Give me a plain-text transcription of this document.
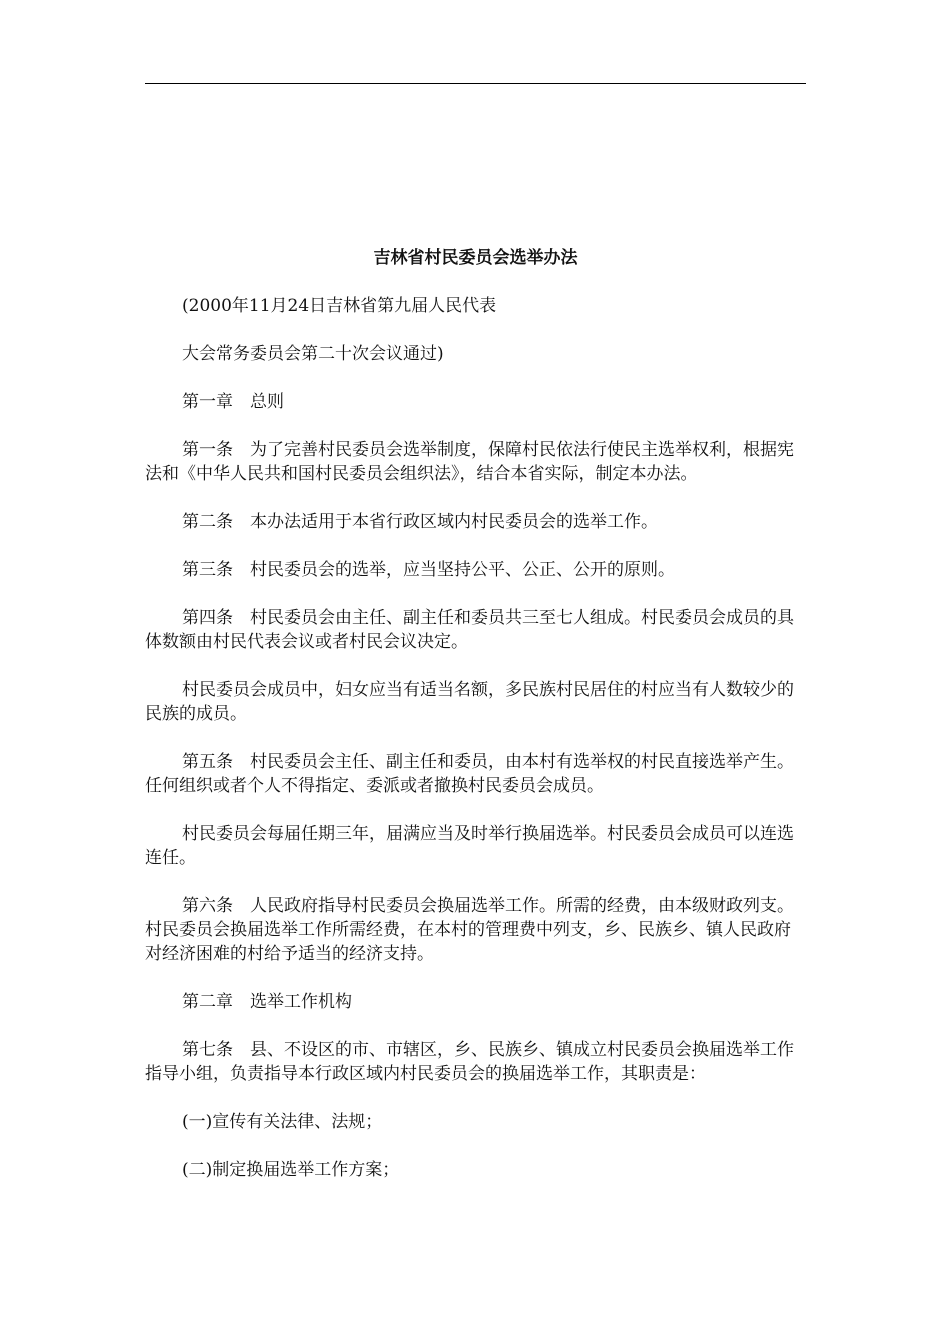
吉林省村民委员会选举办法

(2000年11月24日吉林省第九届人民代表

大会常务委员会第二十次会议通过)

第一章　总则

第一条　为了完善村民委员会选举制度，保障村民依法行使民主选举权利，根据宪法和《中华人民共和国村民委员会组织法》，结合本省实际，制定本办法。

第二条　本办法适用于本省行政区域内村民委员会的选举工作。

第三条　村民委员会的选举，应当坚持公平、公正、公开的原则。

第四条　村民委员会由主任、副主任和委员共三至七人组成。村民委员会成员的具体数额由村民代表会议或者村民会议决定。

村民委员会成员中，妇女应当有适当名额，多民族村民居住的村应当有人数较少的民族的成员。

第五条　村民委员会主任、副主任和委员，由本村有选举权的村民直接选举产生。任何组织或者个人不得指定、委派或者撤换村民委员会成员。

村民委员会每届任期三年，届满应当及时举行换届选举。村民委员会成员可以连选连任。

第六条　人民政府指导村民委员会换届选举工作。所需的经费，由本级财政列支。村民委员会换届选举工作所需经费，在本村的管理费中列支，乡、民族乡、镇人民政府对经济困难的村给予适当的经济支持。

第二章　选举工作机构

第七条　县、不设区的市、市辖区，乡、民族乡、镇成立村民委员会换届选举工作指导小组，负责指导本行政区域内村民委员会的换届选举工作，其职责是：

(一)宣传有关法律、法规；

(二)制定换届选举工作方案；
